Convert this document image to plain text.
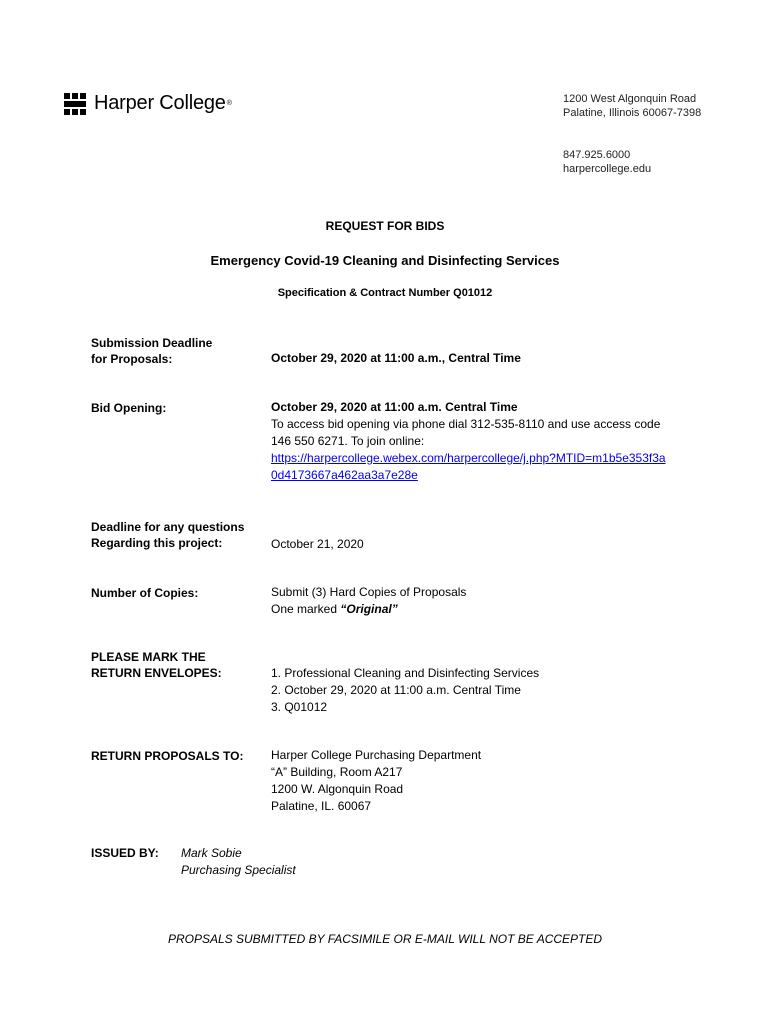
Harper College ®	1200 West Algonquin Road
Palatine, Illinois 60067-7398
847.925.6000
harpercollege.edu
REQUEST FOR BIDS
Emergency Covid-19 Cleaning and Disinfecting Services
Specification & Contract Number Q01012
Submission Deadline
for Proposals:	October 29, 2020 at 11:00 a.m., Central Time
Bid Opening:	October 29, 2020 at 11:00 a.m. Central Time
To access bid opening via phone dial 312-535-8110 and use access code
146 550 6271. To join online:
https://harpercollege.webex.com/harpercollege/j.php?MTID=m1b5e353f3a
0d4173667a462aa3a7e28e
Deadline for any questions
Regarding this project:	October 21, 2020
Number of Copies:	Submit (3) Hard Copies of Proposals
One marked “Original”
PLEASE MARK THE
RETURN ENVELOPES:	1. Professional Cleaning and Disinfecting Services
2. October 29, 2020 at 11:00 a.m. Central Time
3. Q01012
RETURN PROPOSALS TO: Harper College Purchasing Department
“A” Building, Room A217
1200 W. Algonquin Road
Palatine, IL. 60067
ISSUED BY: Mark Sobie
Purchasing Specialist
PROPSALS SUBMITTED BY FACSIMILE OR E-MAIL WILL NOT BE ACCEPTED
